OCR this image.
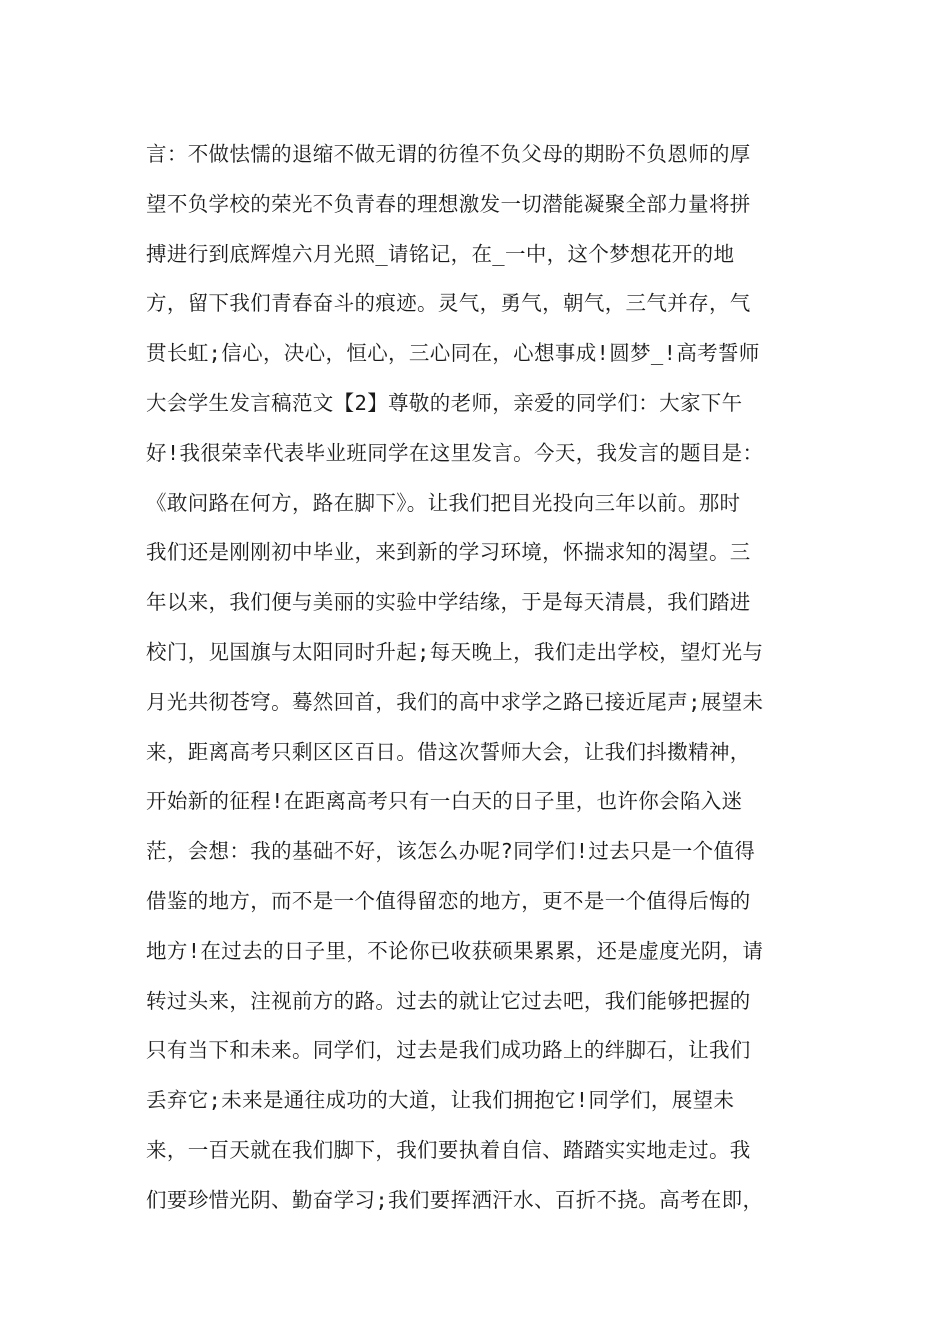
言：不做怯懦的退缩不做无谓的彷徨不负父母的期盼不负恩师的厚
望不负学校的荣光不负青春的理想激发一切潜能凝聚全部力量将拼
搏进行到底辉煌六月光照_请铭记，在_一中，这个梦想花开的地
方，留下我们青春奋斗的痕迹。灵气，勇气，朝气，三气并存，气
贯长虹;信心，决心，恒心，三心同在，心想事成!圆梦_!高考誓师
大会学生发言稿范文【2】尊敬的老师，亲爱的同学们：大家下午
好!我很荣幸代表毕业班同学在这里发言。今天，我发言的题目是：
《敢问路在何方，路在脚下》。让我们把目光投向三年以前。那时
我们还是刚刚初中毕业，来到新的学习环境，怀揣求知的渴望。三
年以来，我们便与美丽的实验中学结缘，于是每天清晨，我们踏进
校门，见国旗与太阳同时升起;每天晚上，我们走出学校，望灯光与
月光共彻苍穹。蓦然回首，我们的高中求学之路已接近尾声;展望未
来，距离高考只剩区区百日。借这次誓师大会，让我们抖擞精神，
开始新的征程!在距离高考只有一白天的日子里，也许你会陷入迷
茫，会想：我的基础不好，该怎么办呢?同学们!过去只是一个值得
借鉴的地方，而不是一个值得留恋的地方，更不是一个值得后悔的
地方!在过去的日子里，不论你已收获硕果累累，还是虚度光阴，请
转过头来，注视前方的路。过去的就让它过去吧，我们能够把握的
只有当下和未来。同学们，过去是我们成功路上的绊脚石，让我们
丢弃它;未来是通往成功的大道，让我们拥抱它!同学们，展望未
来，一百天就在我们脚下，我们要执着自信、踏踏实实地走过。我
们要珍惜光阴、勤奋学习;我们要挥洒汗水、百折不挠。高考在即，
